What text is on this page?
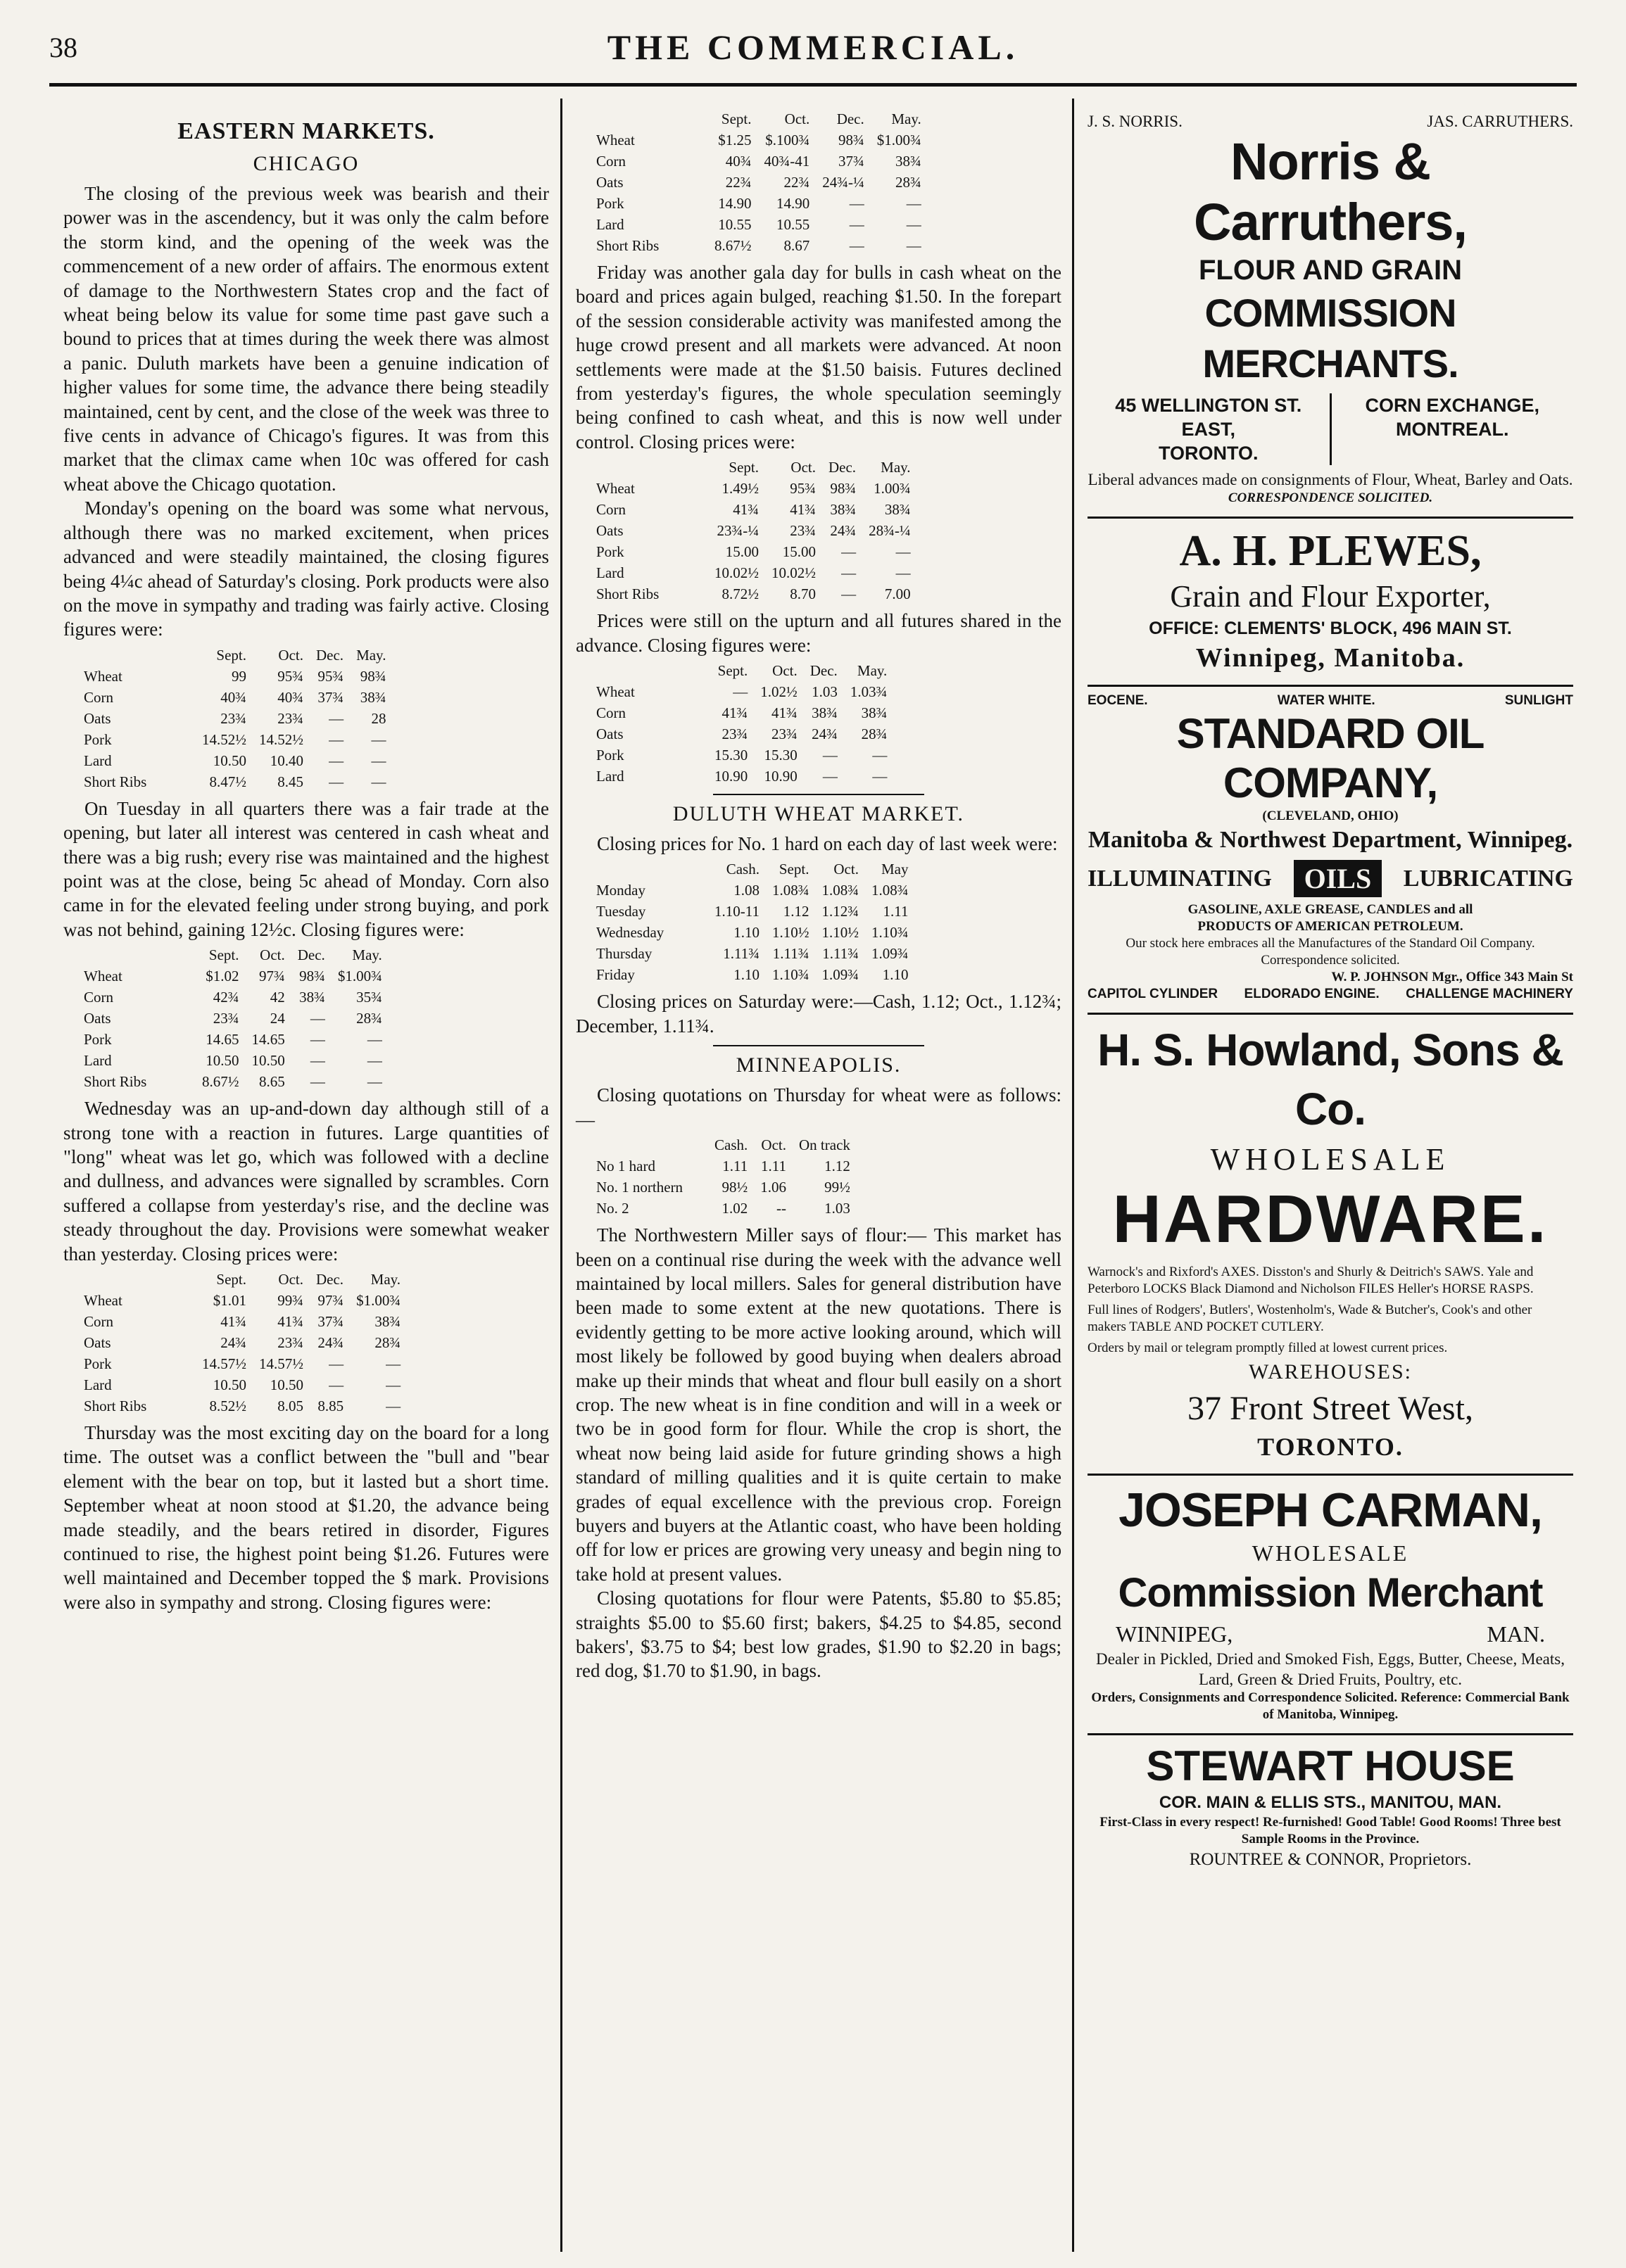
38	THE COMMERCIAL.
EASTERN MARKETS.
CHICAGO

The closing of the previous week was bearish and their power was in the ascendency, but it was only the calm before the storm kind, and the opening of the week was the commencement of a new order of affairs. The enormous extent of damage to the Northwestern States crop and the fact of wheat being below its value for some time past gave such a bound to prices that at times during the week there was almost a panic. Duluth markets have been a genuine indication of higher values for some time, the advance there being steadily maintained, cent by cent, and the close of the week was three to five cents in advance of Chicago's figures. It was from this market that the climax came when 10c was offered for cash wheat above the Chicago quotation.

Monday's opening on the board was some what nervous, although there was no marked excitement, when prices advanced and were steadily maintained, the closing figures being 4¼c ahead of Saturday's closing. Pork products were also on the move in sympathy and trading was fairly active. Closing figures were:

	Sept.	Oct.	Dec.	May.
Wheat	99	95¾	95¾	98¾
Corn	40¾	40¾	37¾	38¾
Oats	23¾	23¾	—	28
Pork	14.52½	14.52½	—	—
Lard	10.50	10.40	—	—
Short Ribs	8.47½	8.45	—	—

On Tuesday in all quarters there was a fair trade at the opening, but later all interest was centered in cash wheat and there was a big rush; every rise was maintained and the highest point was at the close, being 5c ahead of Monday. Corn also came in for the elevated feeling under strong buying, and pork was not behind, gaining 12½c. Closing figures were:

	Sept.	Oct.	Dec.	May.
Wheat	$1.02	97¾	98¾	$1.00¾
Corn	42¾	42	38¾	35¾
Oats	23¾	24	—	28¾
Pork	14.65	14.65	—	—
Lard	10.50	10.50	—	—
Short Ribs	8.67½	8.65	—	—

Wednesday was an up-and-down day although still of a strong tone with a reaction in futures. Large quantities of "long" wheat was let go, which was followed with a decline and dullness, and advances were signalled by scrambles. Corn suffered a collapse from yesterday's rise, and the decline was steady throughout the day. Provisions were somewhat weaker than yesterday. Closing prices were:

	Sept.	Oct.	Dec.	May.
Wheat	$1.01	99¾	97¾	$1.00¾
Corn	41¾	41¾	37¾	38¾
Oats	24¾	23¾	24¾	28¾
Pork	14.57½	14.57½	—	—
Lard	10.50	10.50	—	—
Short Ribs	8.52½	8.05	8.85	—

Thursday was the most exciting day on the board for a long time. The outset was a conflict between the "bull and "bear element with the bear on top, but it lasted but a short time. September wheat at noon stood at $1.20, the advance being made steadily, and the bears retired in disorder, Figures continued to rise, the highest point being $1.26. Futures were well maintained and December topped the $ mark. Provisions were also in sympathy and strong. Closing figures were:

	Sept.	Oct.	Dec.	May.
Wheat	$1.25	$.100¾	98¾	$1.00¾
Corn	40¾	40¾-41	37¾	38¾
Oats	22¾	22¾	24¾-¼	28¾
Pork	14.90	14.90	—	—
Lard	10.55	10.55	—	—
Short Ribs	8.67½	8.67	—	—

Friday was another gala day for bulls in cash wheat on the board and prices again bulged, reaching $1.50. In the forepart of the session considerable activity was manifested among the huge crowd present and all markets were advanced. At noon settlements were made at the $1.50 baisis. Futures declined from yesterday's figures, the whole speculation seemingly being confined to cash wheat, and this is now well under control. Closing prices were:

	Sept.	Oct.	Dec.	May.
Wheat	1.49½	95¾	98¾	1.00¾
Corn	41¾	41¾	38¾	38¾
Oats	23¾-¼	23¾	24¾	28¾-¼
Pork	15.00	15.00	—	—
Lard	10.02½	10.02½	—	—
Short Ribs	8.72½	8.70	—	7.00

Prices were still on the upturn and all futures shared in the advance. Closing figures were:

	Sept.	Oct.	Dec.	May.
Wheat	—	1.02½	1.03	1.03¾
Corn	41¾	41¾	38¾	38¾
Oats	23¾	23¾	24¾	28¾
Pork	15.30	15.30	—	—
Lard	10.90	10.90	—	—
DULUTH WHEAT MARKET.

Closing prices for No. 1 hard on each day of last week were:

	Cash.	Sept.	Oct.	May
Monday	1.08	1.08¾	1.08¾	1.08¾
Tuesday	1.10-11	1.12	1.12¾	1.11
Wednesday	1.10	1.10½	1.10½	1.10¾
Thursday	1.11¾	1.11¾	1.11¾	1.09¾
Friday	1.10	1.10¾	1.09¾	1.10

Closing prices on Saturday were:—Cash, 1.12; Oct., 1.12¾; December, 1.11¾.

MINNEAPOLIS.

Closing quotations on Thursday for wheat were as follows:—

	Cash.	Oct.	On track
No 1 hard	1.11	1.11	1.12
No. 1 northern	98½	1.06	99½
No. 2	1.02	--	1.03

The Northwestern Miller says of flour:— This market has been on a continual rise during the week with the advance well maintained by local millers. Sales for general distribution have been made to some extent at the new quotations. There is evidently getting to be more active looking around, which will most likely be followed by good buying when dealers abroad make up their minds that wheat and flour bull easily on a short crop. The new wheat is in fine condition and will in a week or two be in good form for flour. While the crop is short, the wheat now being laid aside for future grinding shows a high standard of milling qualities and it is quite certain to make grades of equal excellence with the previous crop. Foreign buyers and buyers at the Atlantic coast, who have been holding off for low er prices are growing very uneasy and begin ning to take hold at present values.

Closing quotations for flour were Patents, $5.80 to $5.85; straights $5.00 to $5.60 first; bakers, $4.25 to $4.85, second bakers', $3.75 to $4; best low grades, $1.90 to $2.20 in bags; red dog, $1.70 to $1.90, in bags.

J. S. NORRIS.	JAS. CARRUTHERS.
Norris & Carruthers,
FLOUR AND GRAIN
COMMISSION MERCHANTS.
45 WELLINGTON ST. EAST,
TORONTO.
CORN EXCHANGE,
MONTREAL.
Liberal advances made on consignments of Flour, Wheat, Barley and Oats.
CORRESPONDENCE SOLICITED.
A. H. PLEWES,
Grain and Flour Exporter,
OFFICE: CLEMENTS' BLOCK, 496 MAIN ST.
Winnipeg, Manitoba.
EOCENE.	WATER WHITE.	SUNLIGHT
STANDARD OIL COMPANY,
(CLEVELAND, OHIO)
Manitoba & Northwest Department, Winnipeg.
ILLUMINATING	OILS	LUBRICATING
GASOLINE, AXLE GREASE, CANDLES and all
PRODUCTS OF AMERICAN PETROLEUM.
Our stock here embraces all the Manufactures of the Standard Oil Company. Correspondence solicited.
W. P. JOHNSON Mgr., Office 343 Main St
CAPITOL CYLINDER ELDORADO ENGINE. CHALLENGE MACHINERY
H. S. Howland, Sons & Co.
WHOLESALE
HARDWARE.
Warnock's and Rixford's AXES. Disston's and Shurly & Deitrich's SAWS. Yale and Peterboro LOCKS Black Diamond and Nicholson FILES Heller's HORSE RASPS.
Full lines of Rodgers', Butlers', Wostenholm's, Wade & Butcher's, Cook's and other makers TABLE AND POCKET CUTLERY.
Orders by mail or telegram promptly filled at lowest current prices.
WAREHOUSES:
37 Front Street West,
TORONTO.
JOSEPH CARMAN,
WHOLESALE
Commission Merchant
WINNIPEG,	MAN.
Dealer in Pickled, Dried and Smoked Fish, Eggs, Butter, Cheese, Meats, Lard, Green & Dried Fruits, Poultry, etc.
Orders, Consignments and Correspondence Solicited. Reference: Commercial Bank of Manitoba, Winnipeg.
STEWART HOUSE
COR. MAIN & ELLIS STS., MANITOU, MAN.
First-Class in every respect! Re-furnished! Good Table! Good Rooms! Three best Sample Rooms in the Province.
ROUNTREE & CONNOR, Proprietors.
